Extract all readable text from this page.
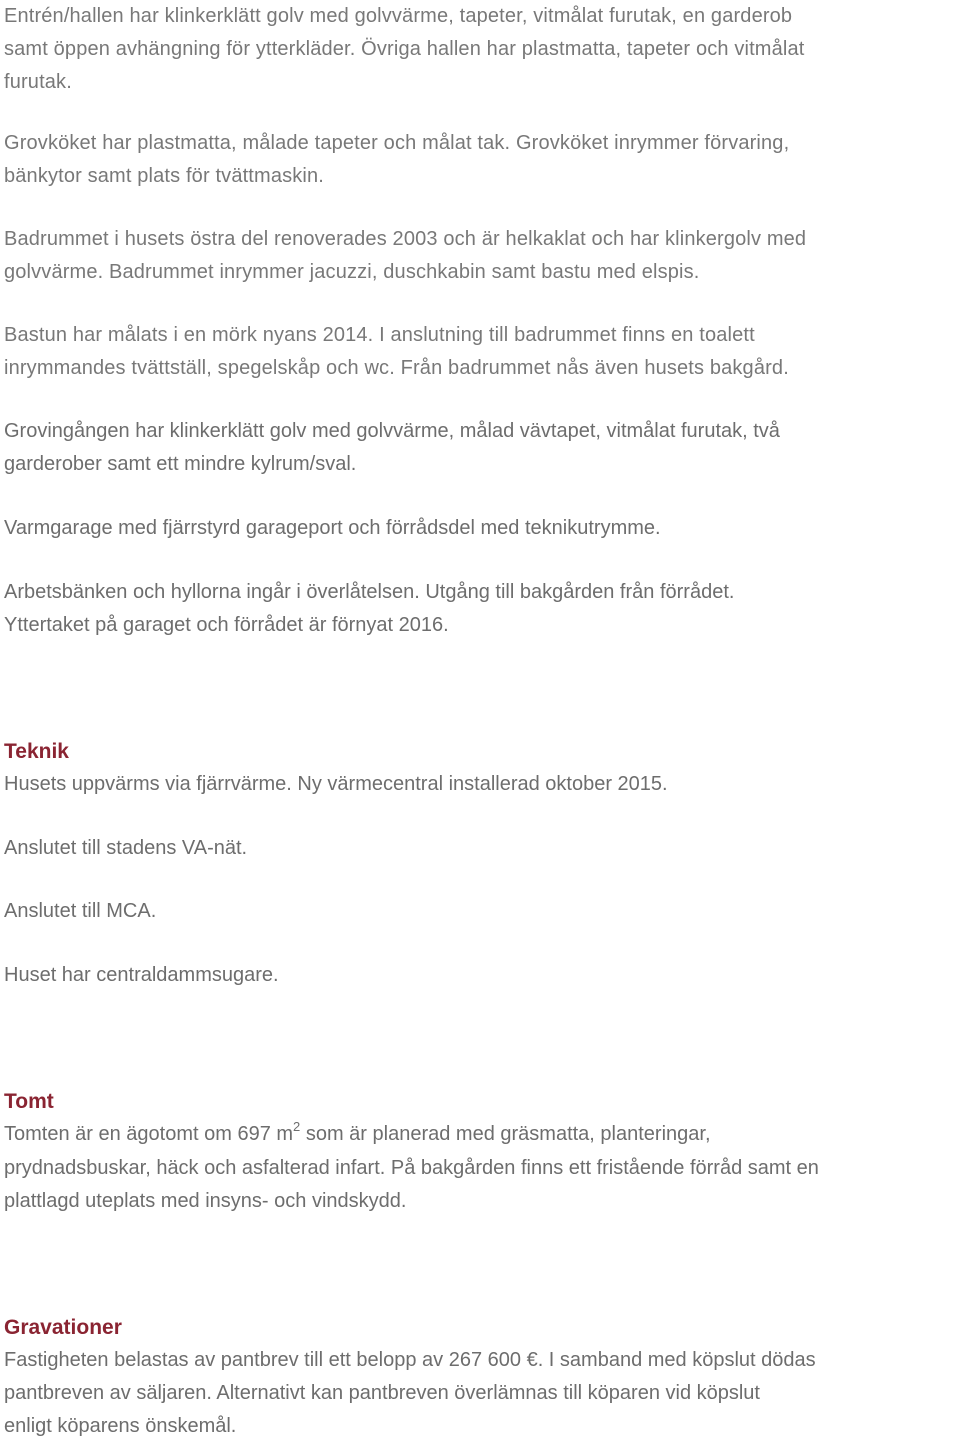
Entrén/hallen har klinkerklätt golv med golvvärme, tapeter, vitmålat furutak, en garderob
samt öppen avhängning för ytterkläder. Övriga hallen har plastmatta, tapeter och vitmålat
furutak.

Grovköket har plastmatta, målade tapeter och målat tak. Grovköket inrymmer förvaring,
bänkytor samt plats för tvättmaskin.

Badrummet i husets östra del renoverades 2003 och är helkaklat och har klinkergolv med
golvvärme. Badrummet inrymmer jacuzzi, duschkabin samt bastu med elspis.

Bastun har målats i en mörk nyans 2014. I anslutning till badrummet finns en toalett
inrymmandes tvättställ, spegelskåp och wc. Från badrummet nås även husets bakgård.

Grovingången har klinkerklätt golv med golvvärme, målad vävtapet, vitmålat furutak, två
garderober samt ett mindre kylrum/sval.

Varmgarage med fjärrstyrd garageport och förrådsdel med teknikutrymme.

Arbetsbänken och hyllorna ingår i överlåtelsen. Utgång till bakgården från förrådet.
Yttertaket på garaget och förrådet är förnyat 2016.

Teknik

Husets uppvärms via fjärrvärme. Ny värmecentral installerad oktober 2015.

Anslutet till stadens VA-nät.

Anslutet till MCA.

Huset har centraldammsugare.

Tomt

Tomten är en ägotomt om 697 $m^2$ som är planerad med gräsmatta, planteringar,
prydnadsbuskar, häck och asfalterad infart. På bakgården finns ett fristående förråd samt en
plattlagd uteplats med insyns- och vindskydd.

Gravationer

Fastigheten belastas av pantbrev till ett belopp av 267 600 €. I samband med köpslut dödas
pantbreven av säljaren. Alternativt kan pantbreven överlämnas till köparen vid köpslut
enligt köparens önskemål.
